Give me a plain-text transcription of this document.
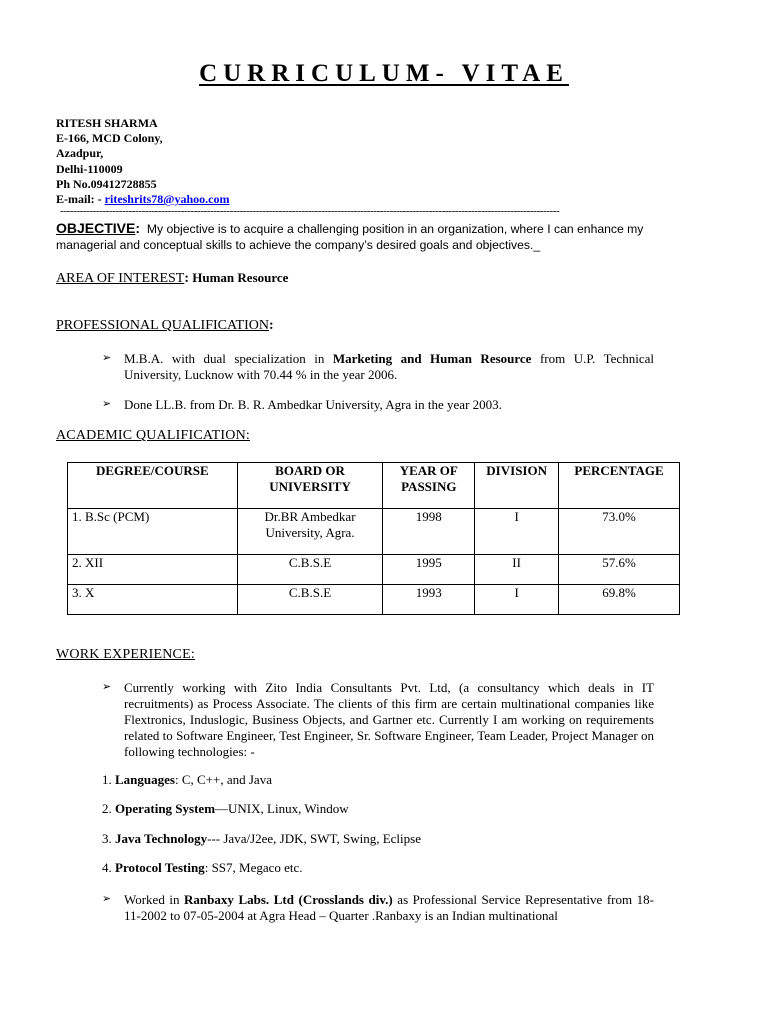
CURRICULUM- VITAE
RITESH SHARMA
E-166, MCD Colony,
Azadpur,
Delhi-110009
Ph No.09412728855
E-mail: - riteshrits78@yahoo.com
---------------------------------------------------------------------------------------------------------------------------------------------------------
OBJECTIVE: My objective is to acquire a challenging position in an organization, where I can enhance my managerial and conceptual skills to achieve the company’s desired goals and objectives._
AREA OF INTEREST: Human Resource
PROFESSIONAL QUALIFICATION:
➢ M.B.A. with dual specialization in Marketing and Human Resource from U.P. Technical University, Lucknow with 70.44 % in the year 2006.
➢ Done LL.B. from Dr. B. R. Ambedkar University, Agra in the year 2003.
ACADEMIC QUALIFICATION:
DEGREE/COURSE	BOARD OR UNIVERSITY	YEAR OF PASSING	DIVISION	PERCENTAGE
1. B.Sc (PCM)	Dr.BR Ambedkar University, Agra.	1998	I	73.0%
2. XII	C.B.S.E	1995	II	57.6%
3. X	C.B.S.E	1993	I	69.8%
WORK EXPERIENCE:
➢ Currently working with Zito India Consultants Pvt. Ltd, (a consultancy which deals in IT recruitments) as Process Associate. The clients of this firm are certain multinational companies like Flextronics, Induslogic, Business Objects, and Gartner etc. Currently I am working on requirements related to Software Engineer, Test Engineer, Sr. Software Engineer, Team Leader, Project Manager on following technologies: -
1. Languages: C, C++, and Java
2. Operating System—UNIX, Linux, Window
3. Java Technology--- Java/J2ee, JDK, SWT, Swing, Eclipse
4. Protocol Testing: SS7, Megaco etc.
➢ Worked in Ranbaxy Labs. Ltd (Crosslands div.) as Professional Service Representative from 18-11-2002 to 07-05-2004 at Agra Head – Quarter .Ranbaxy is an Indian multinational
